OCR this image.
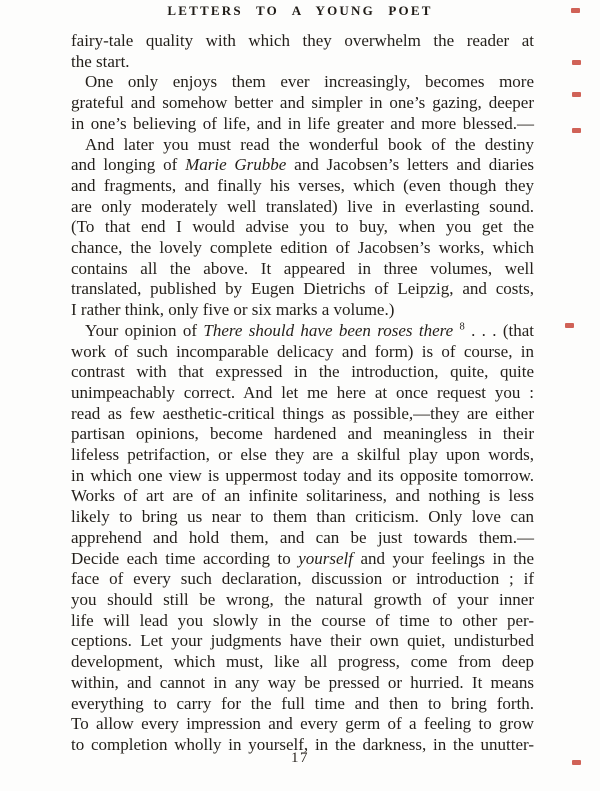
LETTERS TO A YOUNG POET
fairy-tale quality with which they overwhelm the reader at
the start.
One only enjoys them ever increasingly, becomes more
grateful and somehow better and simpler in one’s gazing, deeper
in one’s believing of life, and in life greater and more blessed.—
And later you must read the wonderful book of the destiny
and longing of Marie Grubbe and Jacobsen’s letters and diaries
and fragments, and finally his verses, which (even though they
are only moderately well translated) live in everlasting sound.
(To that end I would advise you to buy, when you get the
chance, the lovely complete edition of Jacobsen’s works, which
contains all the above. It appeared in three volumes, well
translated, published by Eugen Dietrichs of Leipzig, and costs,
I rather think, only five or six marks a volume.)
Your opinion of There should have been roses there $^8$ . . . (that
work of such incomparable delicacy and form) is of course, in
contrast with that expressed in the introduction, quite, quite
unimpeachably correct. And let me here at once request you :
read as few aesthetic-critical things as possible,—they are either
partisan opinions, become hardened and meaningless in their
lifeless petrifaction, or else they are a skilful play upon words,
in which one view is uppermost today and its opposite tomorrow.
Works of art are of an infinite solitariness, and nothing is less
likely to bring us near to them than criticism. Only love can
apprehend and hold them, and can be just towards them.—
Decide each time according to yourself and your feelings in the
face of every such declaration, discussion or introduction ; if
you should still be wrong, the natural growth of your inner
life will lead you slowly in the course of time to other per-
ceptions. Let your judgments have their own quiet, undisturbed
development, which must, like all progress, come from deep
within, and cannot in any way be pressed or hurried. It means
everything to carry for the full time and then to bring forth.
To allow every impression and every germ of a feeling to grow
to completion wholly in yourself, in the darkness, in the unutter-
17
